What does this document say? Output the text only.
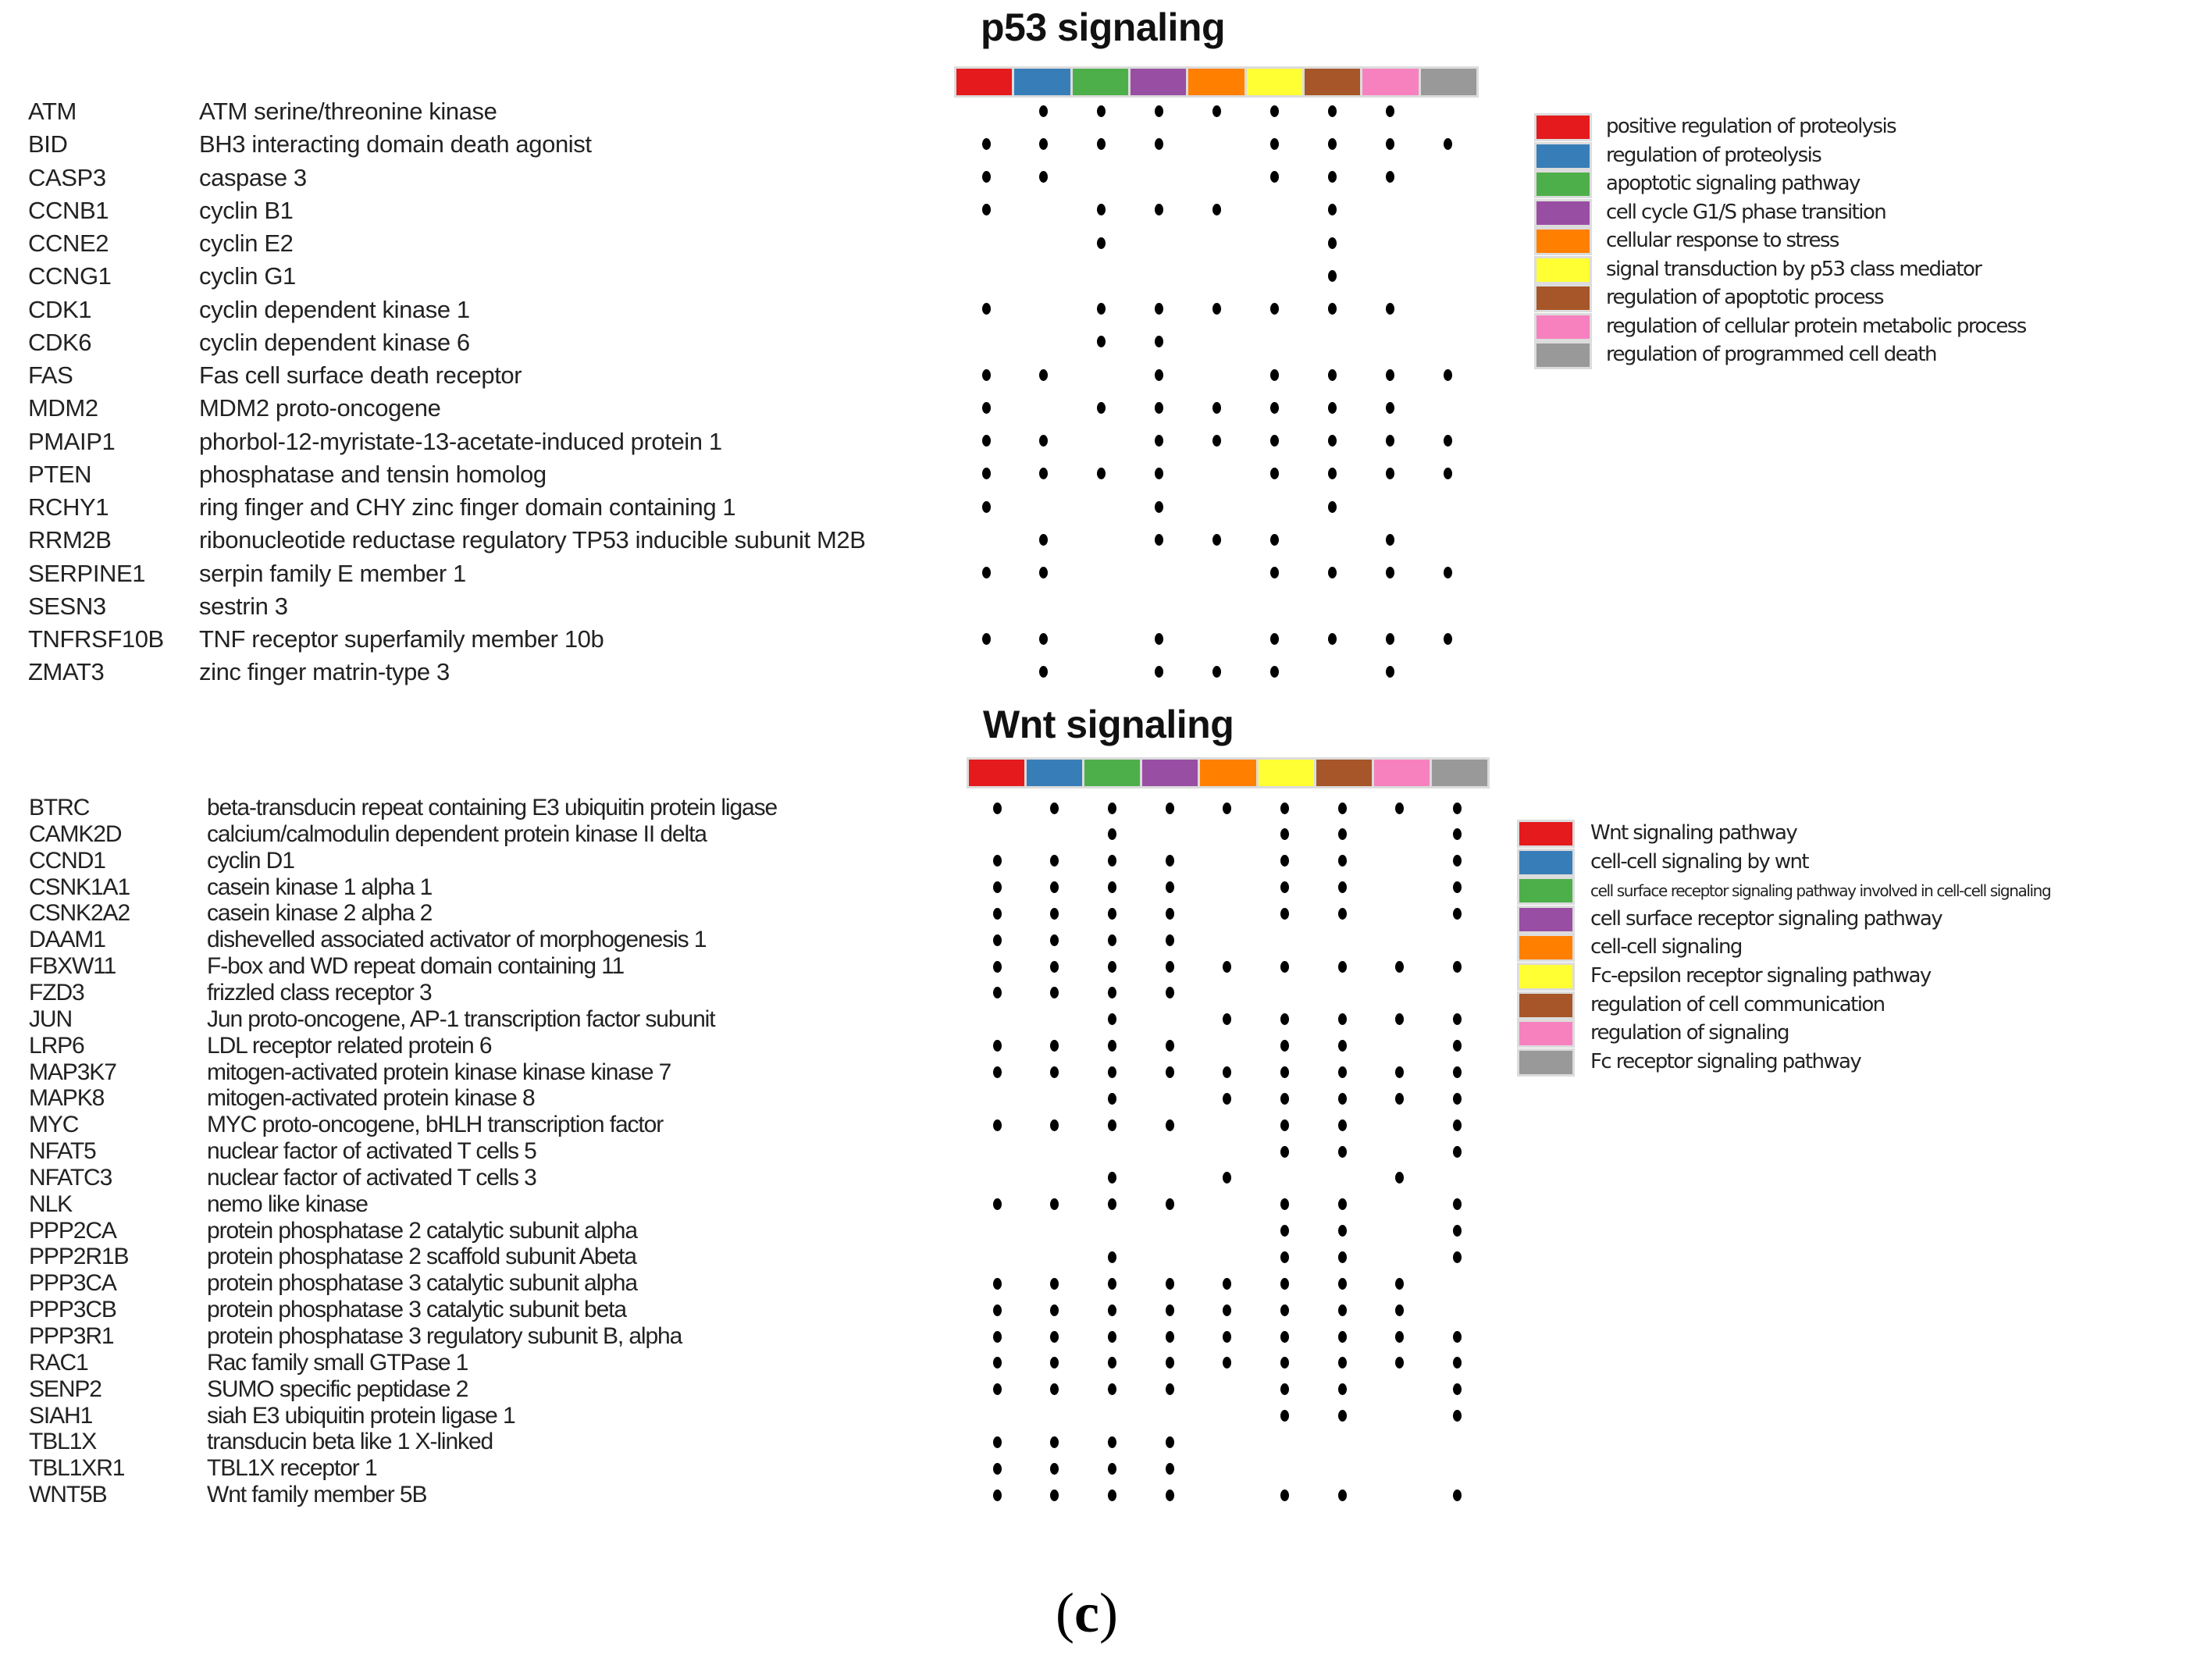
p53 signaling
ATM	ATM serine/threonine kinase
BID	BH3 interacting domain death agonist
CASP3	caspase 3
CCNB1	cyclin B1
CCNE2	cyclin E2
CCNG1	cyclin G1
CDK1	cyclin dependent kinase 1
CDK6	cyclin dependent kinase 6
FAS	Fas cell surface death receptor
MDM2	MDM2 proto-oncogene
PMAIP1	phorbol-12-myristate-13-acetate-induced protein 1
PTEN	phosphatase and tensin homolog
RCHY1	ring finger and CHY zinc finger domain containing 1
RRM2B	ribonucleotide reductase regulatory TP53 inducible subunit M2B
SERPINE1 serpin family E member 1
SESN3	sestrin 3
TNFRSF10B TNF receptor superfamily member 10b
ZMAT3	zinc finger matrin-type 3
positive regulation of proteolysis
regulation of proteolysis
apoptotic signaling pathway
cell cycle G1/S phase transition
cellular response to stress
signal transduction by p53 class mediator
regulation of apoptotic process
regulation of cellular protein metabolic process
regulation of programmed cell death
Wnt signaling
BTRC	beta-transducin repeat containing E3 ubiquitin protein ligase
CAMK2D	calcium/calmodulin dependent protein kinase II delta
CCND1	cyclin D1
CSNK1A1	casein kinase 1 alpha 1
CSNK2A2	casein kinase 2 alpha 2
DAAM1	dishevelled associated activator of morphogenesis 1
FBXW11	F-box and WD repeat domain containing 11
FZD3	frizzled class receptor 3
JUN	Jun proto-oncogene, AP-1 transcription factor subunit
LRP6	LDL receptor related protein 6
MAP3K7	mitogen-activated protein kinase kinase kinase 7
MAPK8	mitogen-activated protein kinase 8
MYC	MYC proto-oncogene, bHLH transcription factor
NFAT5	nuclear factor of activated T cells 5
NFATC3	nuclear factor of activated T cells 3
NLK	nemo like kinase
PPP2CA	protein phosphatase 2 catalytic subunit alpha
PPP2R1B	protein phosphatase 2 scaffold subunit Abeta
PPP3CA	protein phosphatase 3 catalytic subunit alpha
PPP3CB	protein phosphatase 3 catalytic subunit beta
PPP3R1	protein phosphatase 3 regulatory subunit B, alpha
RAC1	Rac family small GTPase 1
SENP2	SUMO specific peptidase 2
SIAH1	siah E3 ubiquitin protein ligase 1
TBL1X	transducin beta like 1 X-linked
TBL1XR1	TBL1X receptor 1
WNT5B	Wnt family member 5B
Wnt signaling pathway
cell-cell signaling by wnt
cell surface receptor signaling pathway involved in cell-cell signaling
cell surface receptor signaling pathway
cell-cell signaling
Fc-epsilon receptor signaling pathway
regulation of cell communication
regulation of signaling
Fc receptor signaling pathway
(c)
